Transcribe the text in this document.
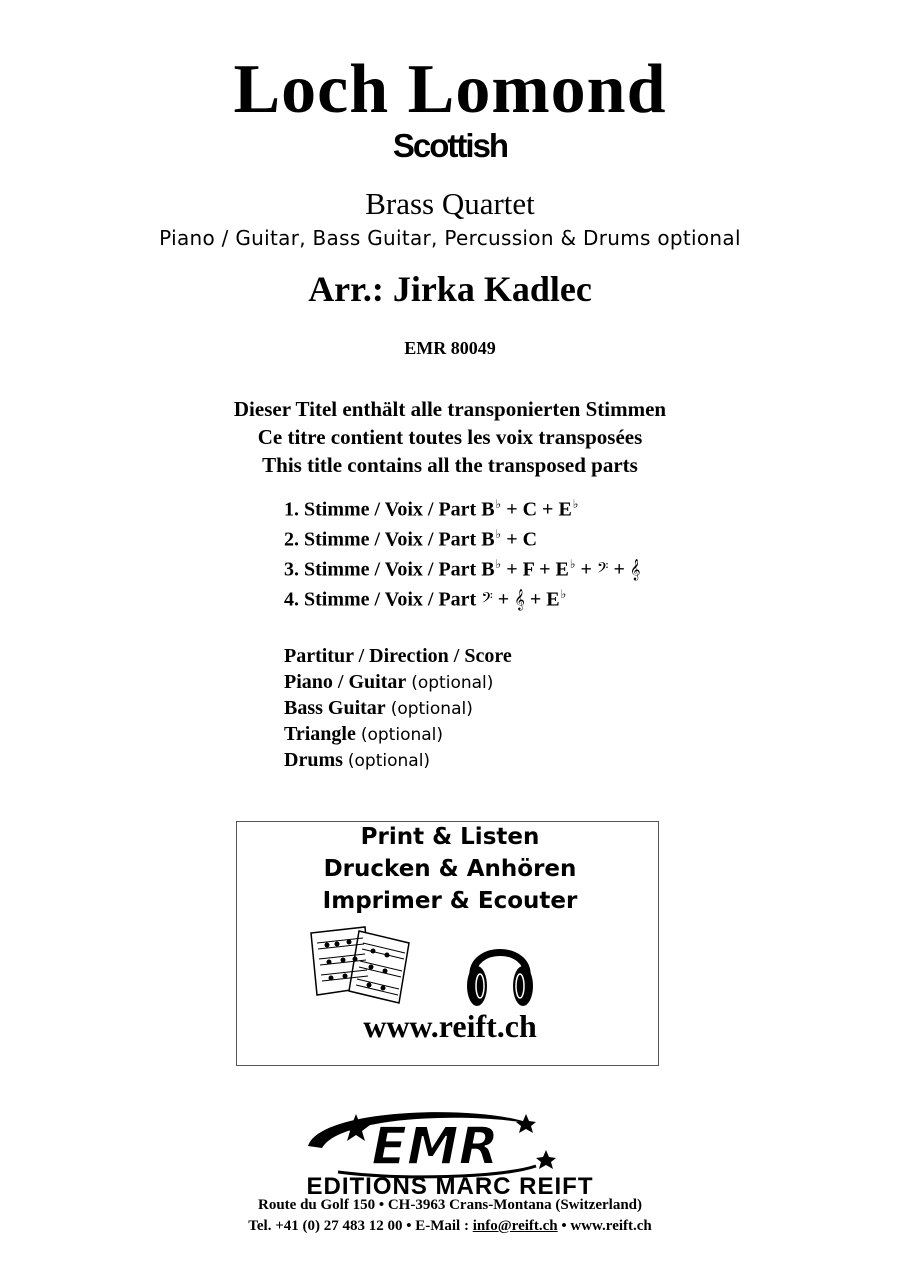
Loch Lomond
Scottish
Brass Quartet
Piano / Guitar, Bass Guitar, Percussion & Drums optional
Arr.: Jirka Kadlec
EMR 80049
Dieser Titel enthält alle transponierten Stimmen
Ce titre contient toutes les voix transposées
This title contains all the transposed parts
1. Stimme / Voix / Part B♭ + C + E♭
2. Stimme / Voix / Part B♭ + C
3. Stimme / Voix / Part B♭ + F + E♭ + 𝄢 + 𝄞
4. Stimme / Voix / Part 𝄢 + 𝄞 + E♭
Partitur / Direction / Score
Piano / Guitar (optional)
Bass Guitar (optional)
Triangle (optional)
Drums (optional)
Print & Listen
Drucken & Anhören
Imprimer & Ecouter
www.reift.ch
EMR
EDITIONS MARC REIFT
Route du Golf 150 • CH-3963 Crans-Montana (Switzerland)
Tel. +41 (0) 27 483 12 00 • E-Mail : info@reift.ch • www.reift.ch
